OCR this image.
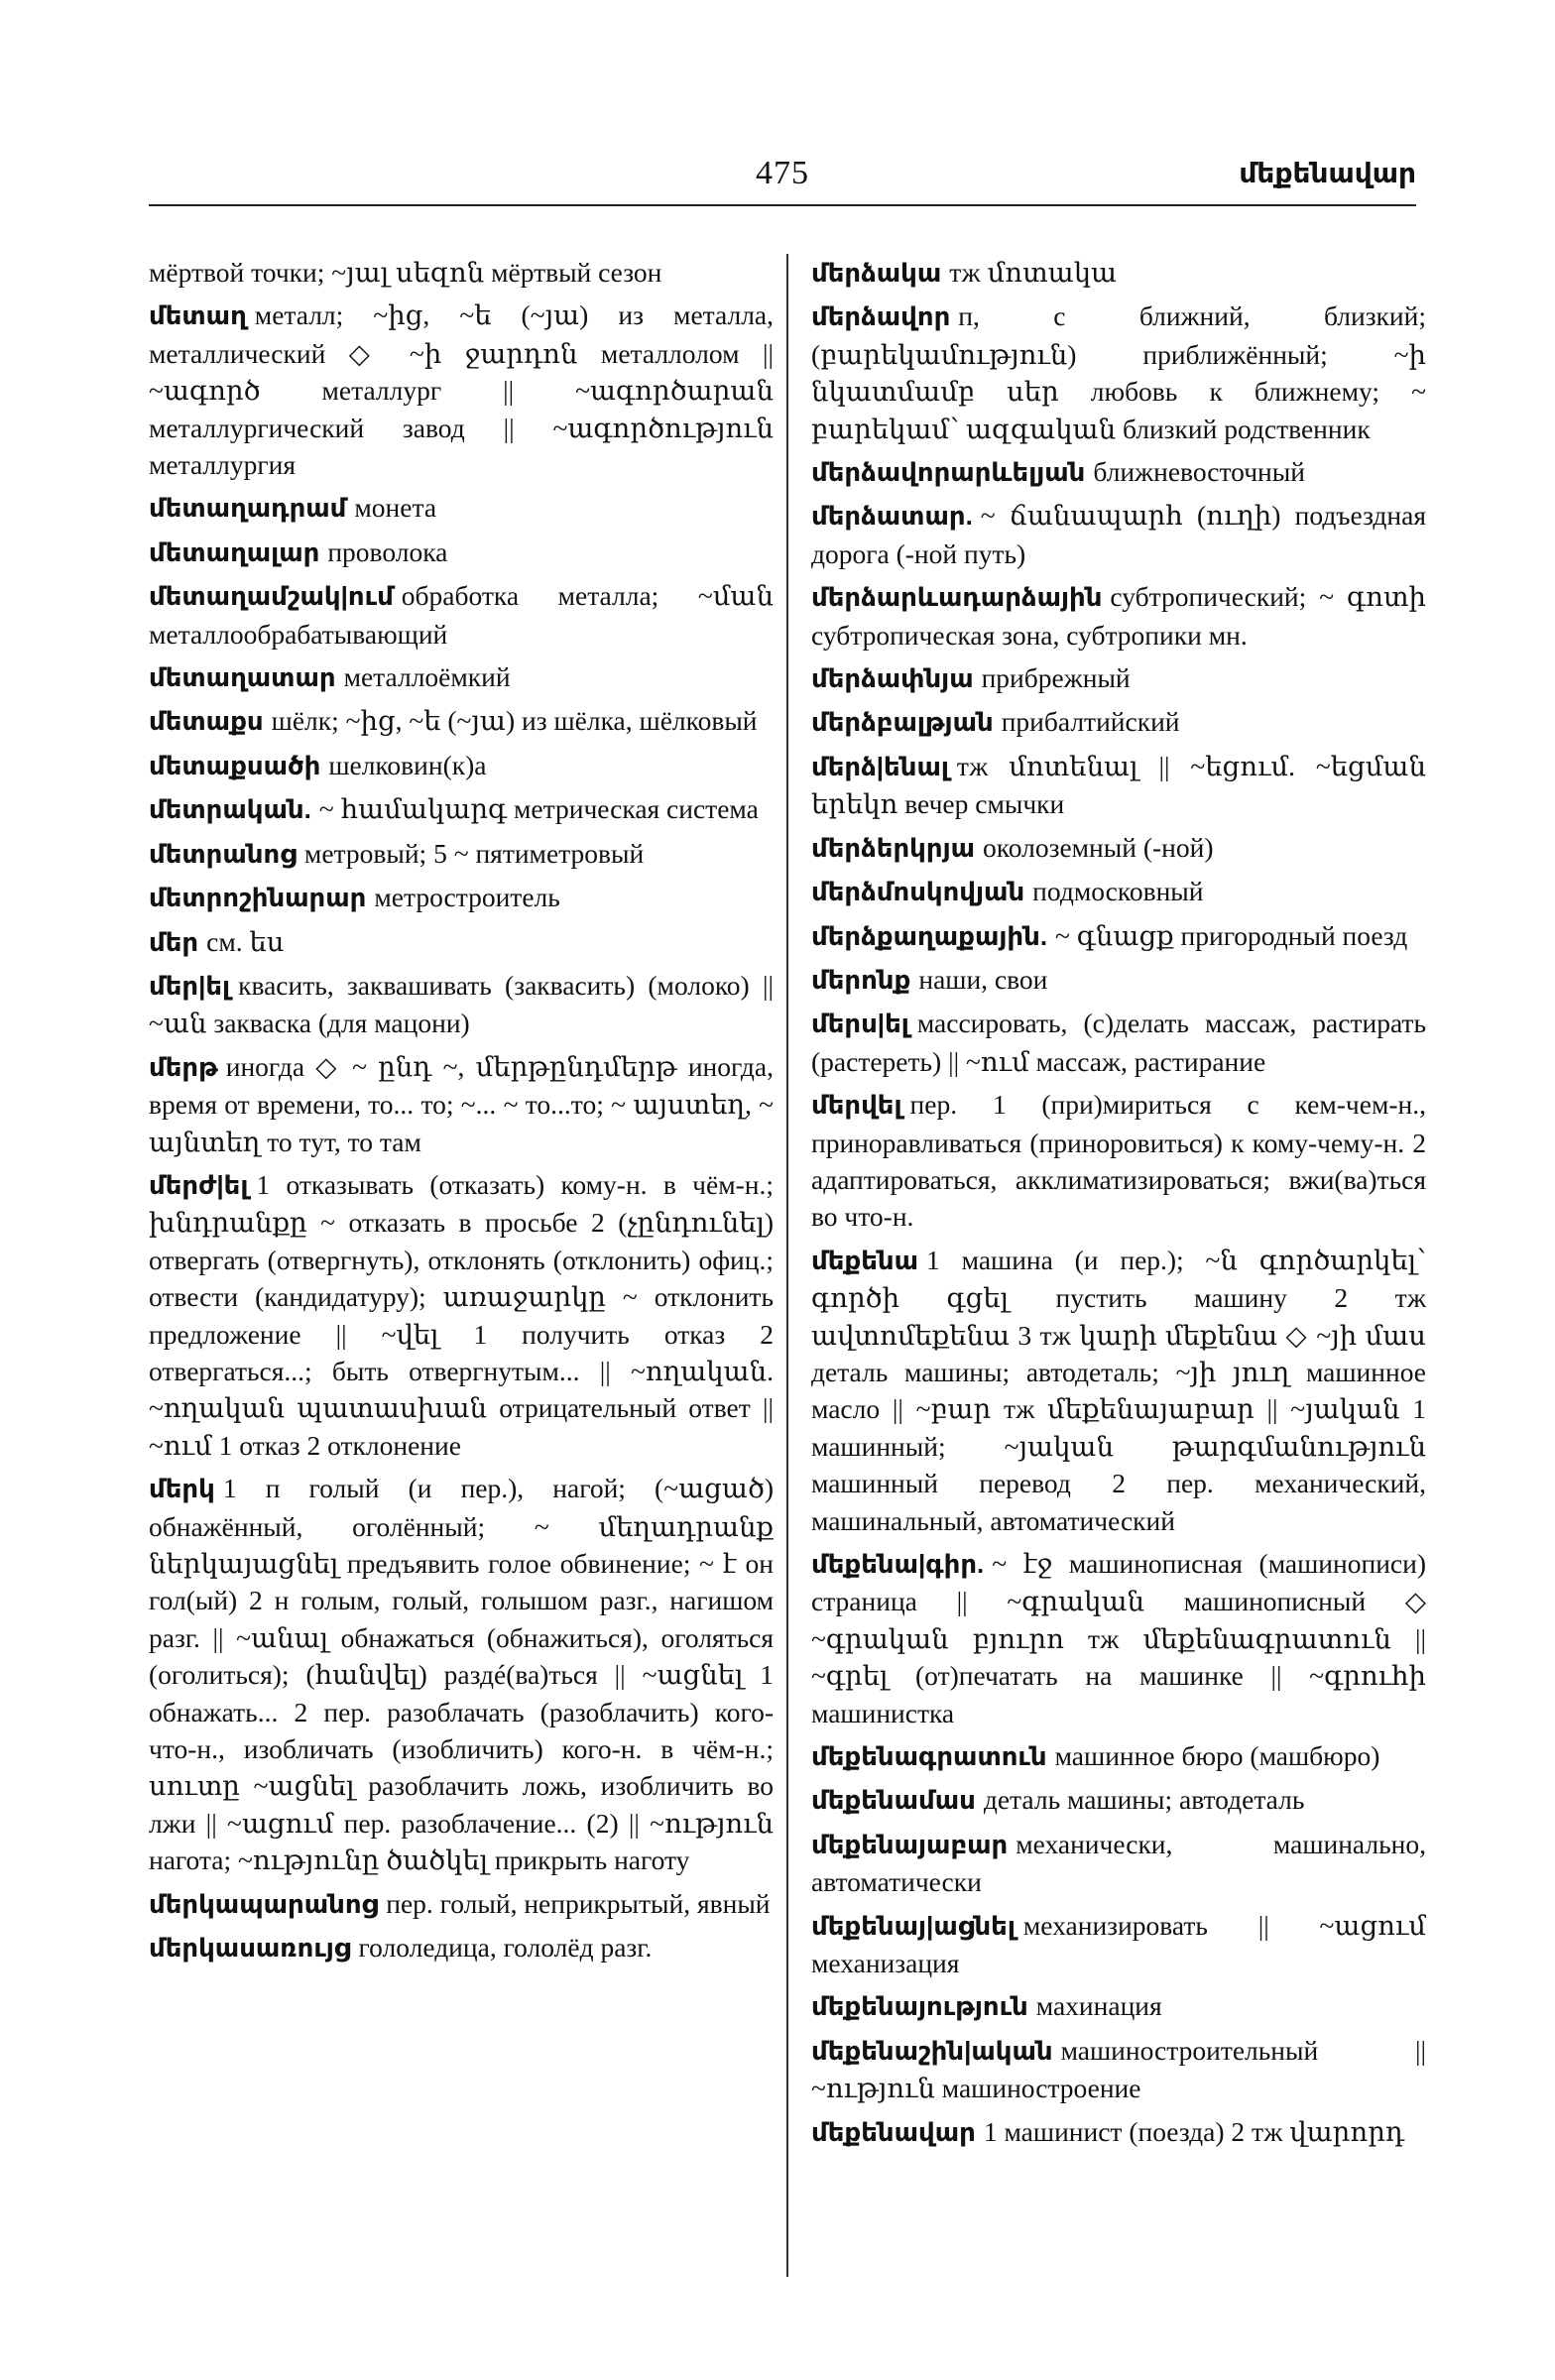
475	մեքենավար
мёртвой точки; ~յալ սեզոն мёртвый сезон
մետաղ металл; ~ից, ~ե (~յա) из металла, металлический ◇ ~ի ջարդոն металлолом || ~ագործ металлург || ~ագործարան металлургический завод || ~ագործություն металлургия
մետաղադրամ монета
մետաղալար проволока
մետաղամշակ|ում обработка металла; ~ման металлообрабатывающий
մետաղատար металлоёмкий
մետաքս шёлк; ~ից, ~ե (~յա) из шёлка, шёлковый
մետաքսածի шелковин(к)а
մետրական. ~ համակարգ метрическая система
մետրանոց метровый; 5 ~ пятиметровый
մետրոշինարար метростроитель
մեր см. ես
մեր|ել квасить, заквашивать (заквасить) (молоко) || ~ան закваска (для мацони)
մերթ иногда ◇ ~ ընդ ~, մերթընդմերթ иногда, время от времени, то... то; ~... ~ то...то; ~ այստեղ, ~ այնտեղ то тут, то там
մերժ|ել 1 отказывать (отказать) кому-н. в чём-н.; խնդրանքը ~ отказать в просьбе 2 (չընդունել) отвергать (отвергнуть), отклонять (отклонить) офиц.; отвести (кандидатуру); առաջարկը ~ отклонить предложение || ~վել 1 получить отказ 2 отвергаться...; быть отвергнутым... || ~ողական. ~ողական պատասխան отрицательный ответ || ~ում 1 отказ 2 отклонение
մերկ 1 п голый (и пер.), нагой; (~ացած) обнажённый, оголённый; ~ մեղադրանք ներկայացնել предъявить голое обвинение; ~ է он гол(ый) 2 н голым, голый, голышом разг., нагишом разг. || ~անալ обнажаться (обнажиться), оголяться (оголиться); (հանվել) раздé(ва)ться || ~ացնել 1 обнажать... 2 пер. разоблачать (разоблачить) кого-что-н., изобличать (изобличить) кого-н. в чём-н.; սուտը ~ացնել разоблачить ложь, изобличить во лжи || ~ացում пер. разоблачение... (2) || ~ություն нагота; ~ությունը ծածկել прикрыть наготу
մերկապարանոց пер. голый, неприкрытый, явный
մերկասառույց гололедица, гололёд разг.
մերձակա тж մոտակա
մերձավոր п, с ближний, близкий; (բարեկամություն) приближённый; ~ի նկատմամբ սեր любовь к ближнему; ~ բարեկամ՝ ազգական близкий родственник
մերձավորարևելյան ближневосточный
մերձատար. ~ ճանապարհ (ուղի) подъездная дорога (-ной путь)
մերձարևադարձային субтропический; ~ գոտի субтропическая зона, субтропики мн.
մերձափնյա прибрежный
մերձբալթյան прибалтийский
մերձ|ենալ тж մոտենալ || ~եցում. ~եցման երեկո вечер смычки
մերձերկրյա околоземный (-ной)
մերձմոսկովյան подмосковный
մերձքաղաքային. ~ գնացք пригородный поезд
մերոնք наши, свои
մերս|ել массировать, (с)делать массаж, растирать (растереть) || ~ում массаж, растирание
մերվել пер. 1 (при)мириться с кем-чем-н., приноравливаться (приноровиться) к кому-чему-н. 2 адаптироваться, акклиматизироваться; вжи(ва)ться во что-н.
մեքենա 1 машина (и пер.); ~ն գործարկել՝ գործի գցել пустить машину 2 тж ավտոմեքենա 3 тж կարի մեքենա ◇ ~յի մաս деталь машины; автодеталь; ~յի յուղ машинное масло || ~բար тж մեքենայաբար || ~յական 1 машинный; ~յական թարգմանություն машинный перевод 2 пер. механический, машинальный, автоматический
մեքենա|գիր. ~ էջ машинописная (машинописи) страница || ~գրական машинописный ◇ ~գրական բյուրո тж մեքենագրատուն || ~գրել (от)печатать на машинке || ~գրուհի машинистка
մեքենագրատուն машинное бюро (машбюро)
մեքենամաս деталь машины; автодеталь
մեքենայաբար механически, машинально, автоматически
մեքենայ|ացնել механизировать || ~ացում механизация
մեքենայություն махинация
մեքենաշին|ական машиностроительный || ~ություն машиностроение
մեքենավար 1 машинист (поезда) 2 тж վարորդ
